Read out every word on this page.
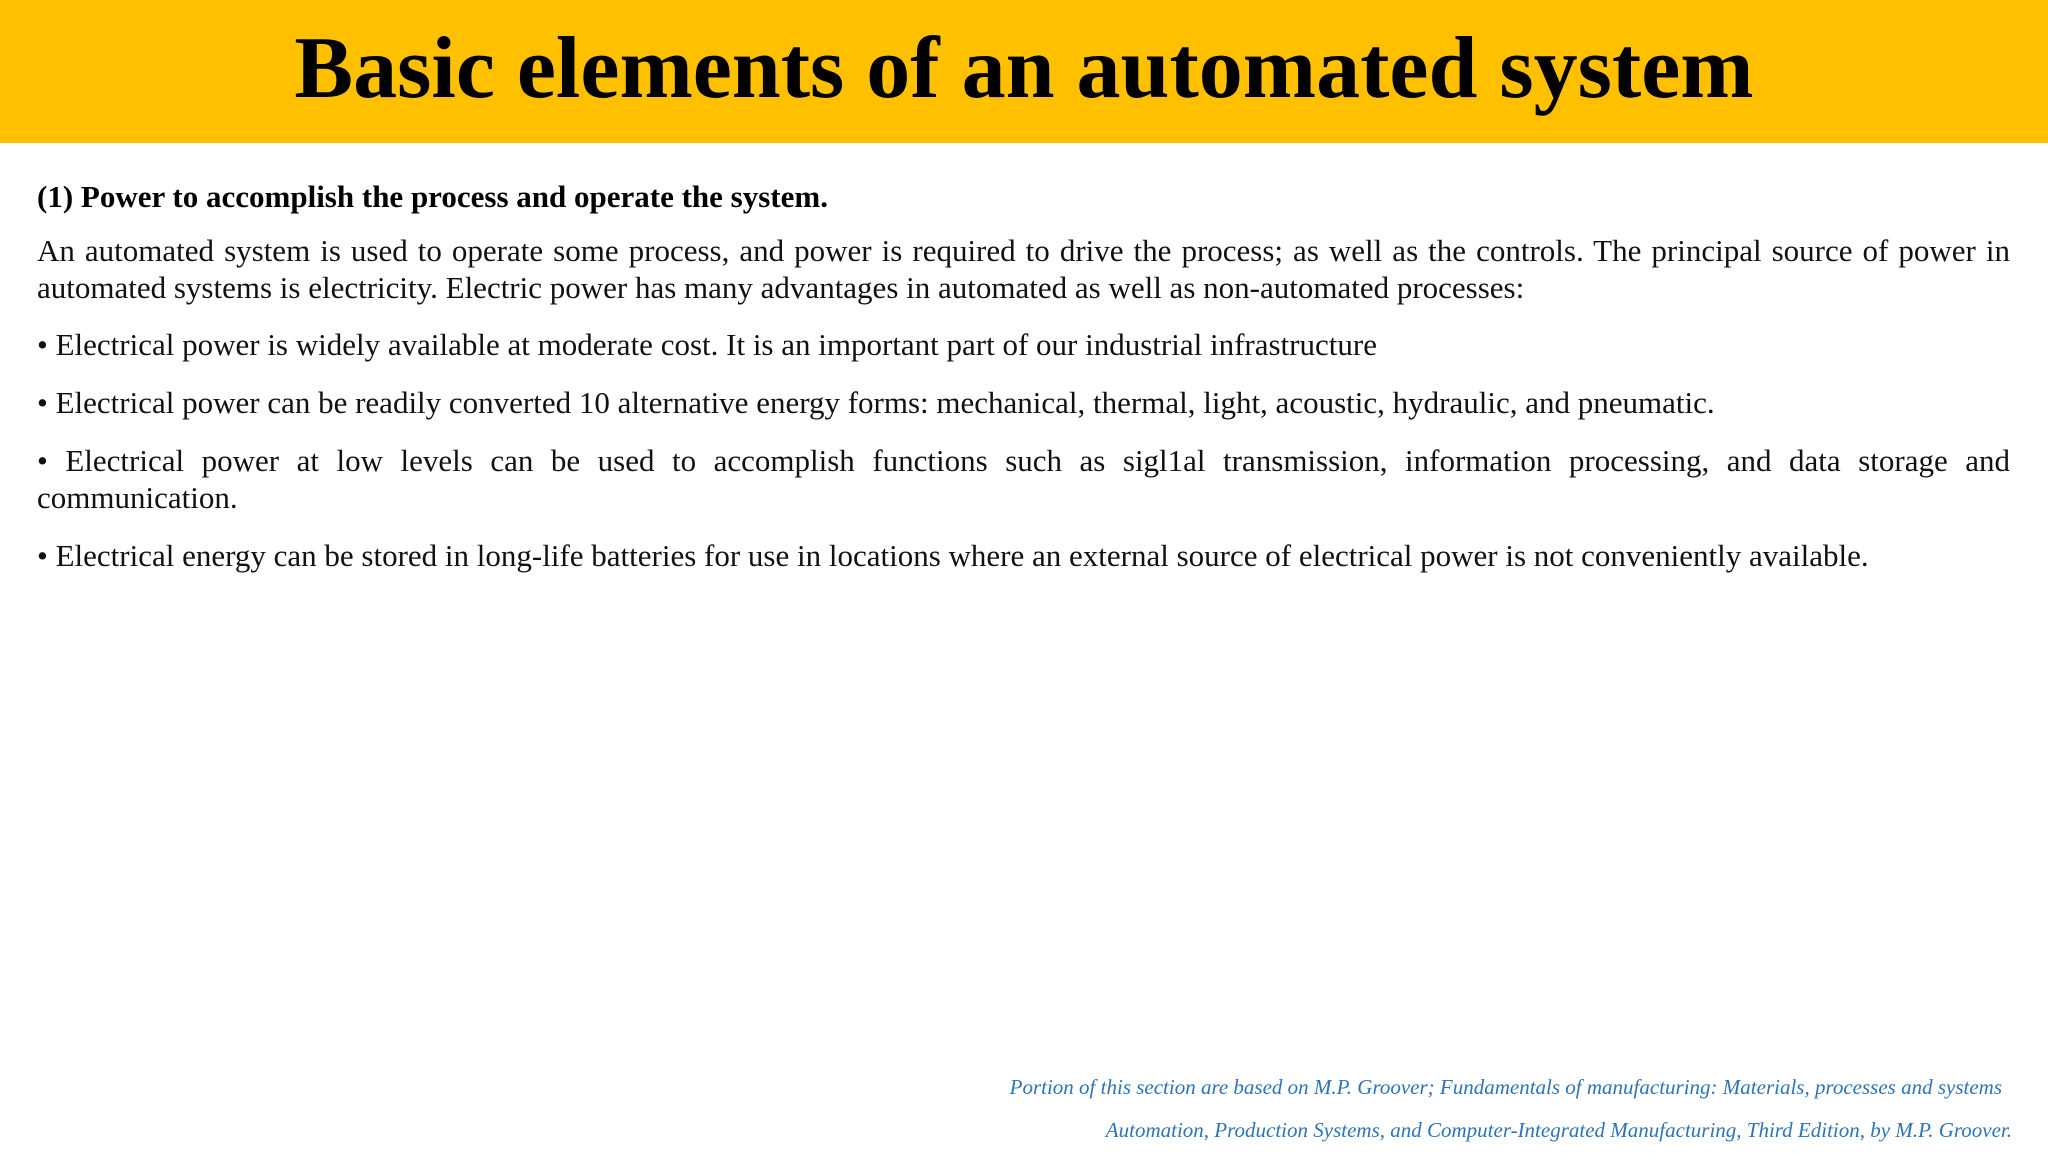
Basic elements of an automated system

(1) Power to accomplish the process and operate the system.

An automated system is used to operate some process, and power is required to drive the process; as well as the controls. The principal source of power in automated systems is electricity. Electric power has many advantages in automated as well as non-automated processes:

• Electrical power is widely available at moderate cost. It is an important part of our industrial infrastructure
• Electrical power can be readily converted 10 alternative energy forms: mechanical, thermal, light, acoustic, hydraulic, and pneumatic.
• Electrical power at low levels can be used to accomplish functions such as sigl1al transmission, information processing, and data storage and communication.
• Electrical energy can be stored in long-life batteries for use in locations where an external source of electrical power is not conveniently available.
Portion of this section are based on M.P. Groover; Fundamentals of manufacturing: Materials, processes and systems
Automation, Production Systems, and Computer-Integrated Manufacturing, Third Edition, by M.P. Groover.
